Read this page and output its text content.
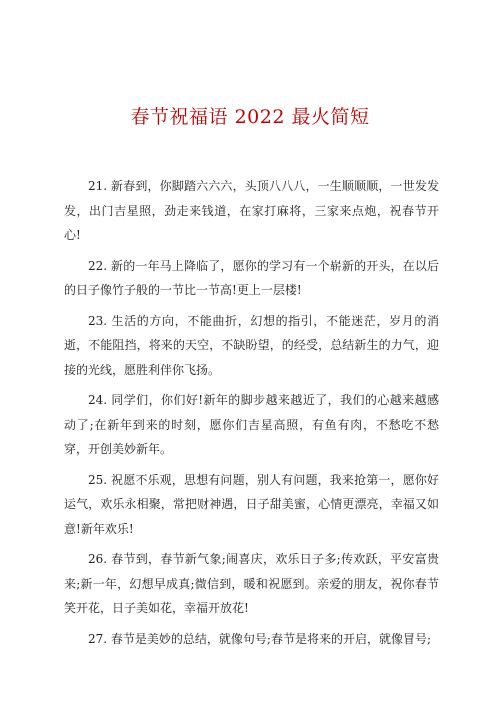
春节祝福语 2022 最火简短

21. 新春到，你脚踏六六六，头顶八八八，一生顺顺顺，一世发发发，出门吉星照，劲走来钱道，在家打麻将，三家来点炮，祝春节开心!

22. 新的一年马上降临了，愿你的学习有一个崭新的开头，在以后的日子像竹子般的一节比一节高!更上一层楼!

23. 生活的方向，不能曲折，幻想的指引，不能迷茫，岁月的消逝，不能阻挡，将来的天空，不缺盼望，的经受，总结新生的力气，迎接的光线，愿胜利伴你飞扬。

24. 同学们，你们好!新年的脚步越来越近了，我们的心越来越感动了;在新年到来的时刻，愿你们吉星高照，有鱼有肉，不愁吃不愁穿，开创美妙新年。

25. 祝愿不乐观，思想有问题，别人有问题，我来抢第一，愿你好运气，欢乐永相聚，常把财神遇，日子甜美蜜，心情更漂亮，幸福又如意!新年欢乐!

26. 春节到，春节新气象;闹喜庆，欢乐日子多;传欢跃，平安富贵来;新一年，幻想早成真;微信到，暖和祝愿到。亲爱的朋友，祝你春节笑开花，日子美如花，幸福开放花!

27. 春节是美妙的总结，就像句号;春节是将来的开启，就像冒号;
